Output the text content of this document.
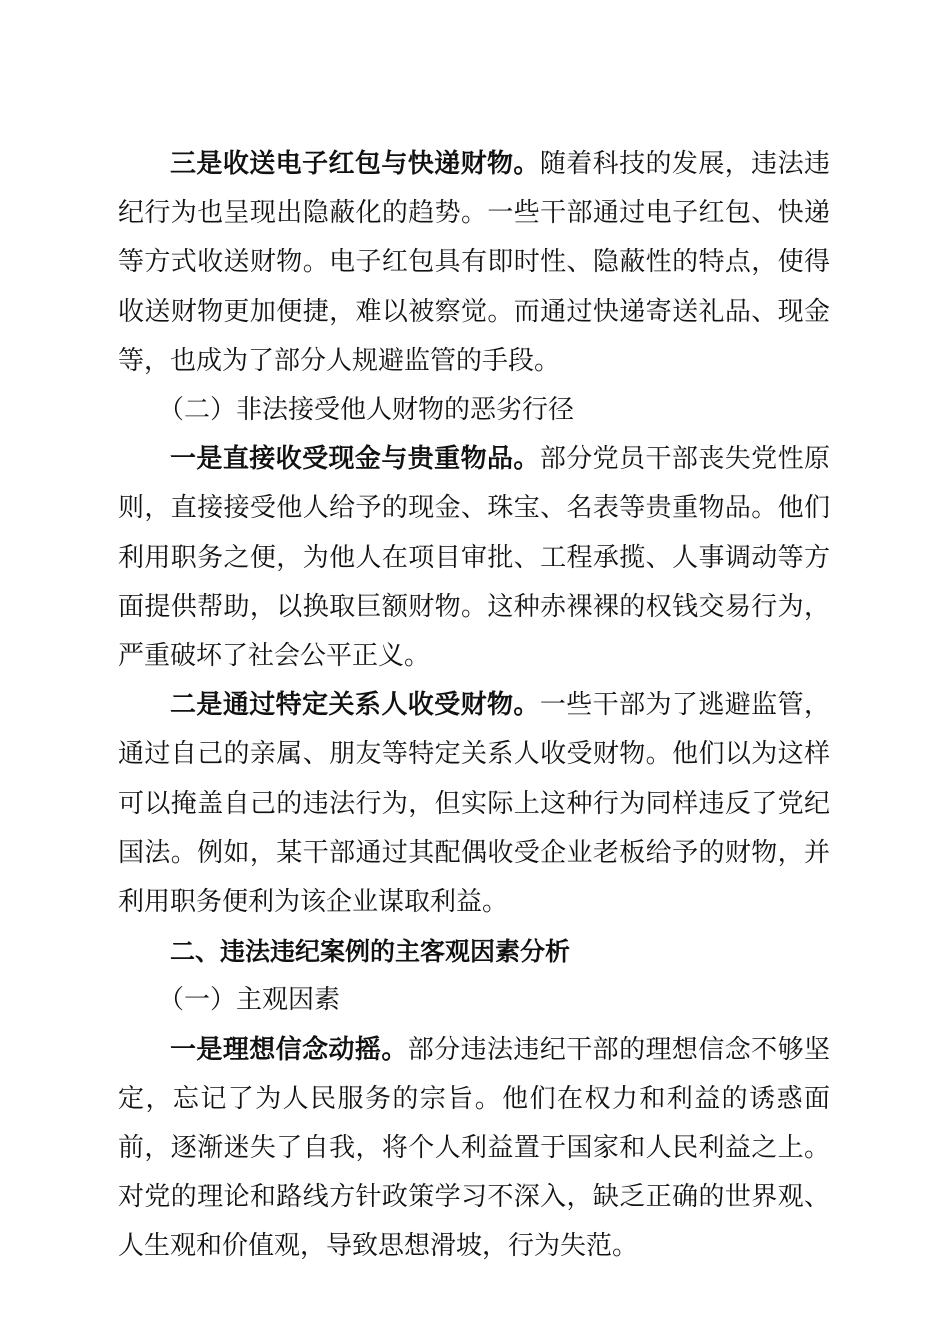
三是收送电子红包与快递财物。随着科技的发展，违法违纪行为也呈现出隐蔽化的趋势。一些干部通过电子红包、快递等方式收送财物。电子红包具有即时性、隐蔽性的特点，使得收送财物更加便捷，难以被察觉。而通过快递寄送礼品、现金等，也成为了部分人规避监管的手段。

（二）非法接受他人财物的恶劣行径

一是直接收受现金与贵重物品。部分党员干部丧失党性原则，直接接受他人给予的现金、珠宝、名表等贵重物品。他们利用职务之便，为他人在项目审批、工程承揽、人事调动等方面提供帮助，以换取巨额财物。这种赤裸裸的权钱交易行为，严重破坏了社会公平正义。

二是通过特定关系人收受财物。一些干部为了逃避监管，通过自己的亲属、朋友等特定关系人收受财物。他们以为这样可以掩盖自己的违法行为，但实际上这种行为同样违反了党纪国法。例如，某干部通过其配偶收受企业老板给予的财物，并利用职务便利为该企业谋取利益。

二、违法违纪案例的主客观因素分析

（一）主观因素

一是理想信念动摇。部分违法违纪干部的理想信念不够坚定，忘记了为人民服务的宗旨。他们在权力和利益的诱惑面前，逐渐迷失了自我，将个人利益置于国家和人民利益之上。对党的理论和路线方针政策学习不深入，缺乏正确的世界观、人生观和价值观，导致思想滑坡，行为失范。
